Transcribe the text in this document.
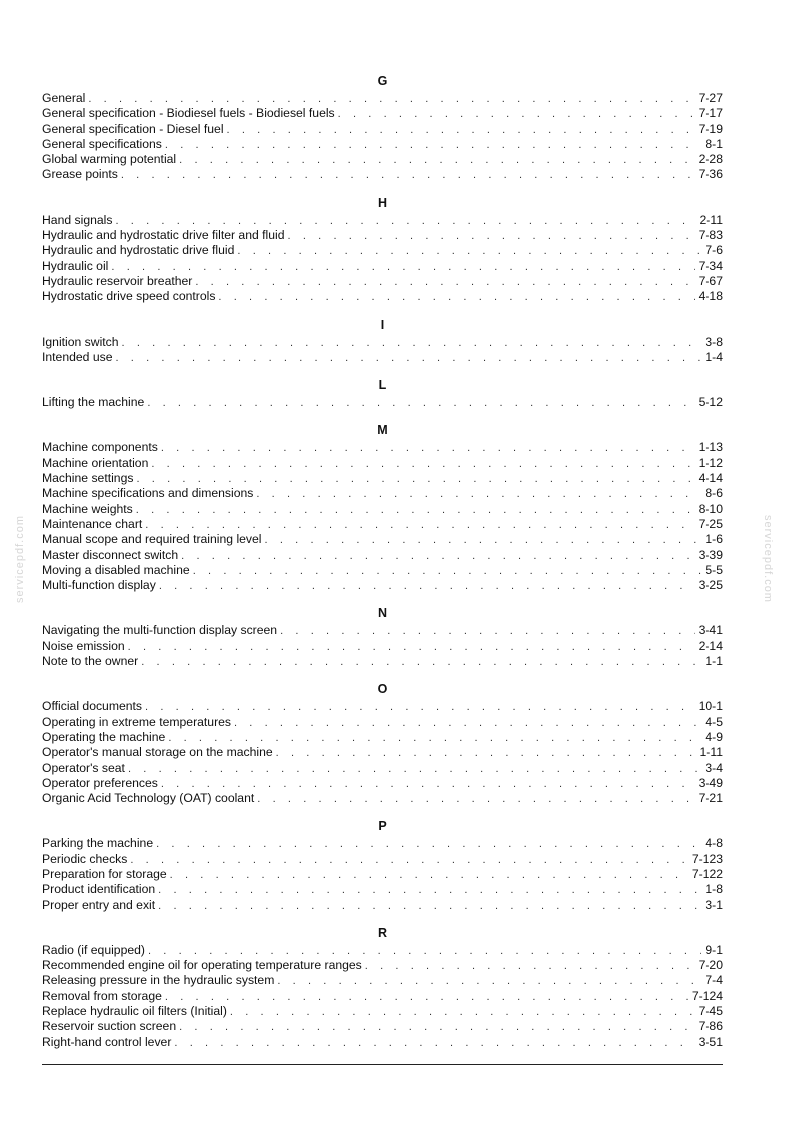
G
General . . .	7-27
General specification - Biodiesel fuels - Biodiesel fuels . . .	7-17
General specification - Diesel fuel . . .	7-19
General specifications . . .	8-1
Global warming potential . . .	2-28
Grease points . . .	7-36
H
Hand signals . . .	2-11
Hydraulic and hydrostatic drive filter and fluid . . .	7-83
Hydraulic and hydrostatic drive fluid . . .	7-6
Hydraulic oil . . .	7-34
Hydraulic reservoir breather . . .	7-67
Hydrostatic drive speed controls . . .	4-18
I
Ignition switch . . .	3-8
Intended use . . .	1-4
L
Lifting the machine . . .	5-12
M
Machine components . . .	1-13
Machine orientation . . .	1-12
Machine settings . . .	4-14
Machine specifications and dimensions . . .	8-6
Machine weights . . .	8-10
Maintenance chart . . .	7-25
Manual scope and required training level . . .	1-6
Master disconnect switch . . .	3-39
Moving a disabled machine . . .	5-5
Multi-function display . . .	3-25
N
Navigating the multi-function display screen . . .	3-41
Noise emission . . .	2-14
Note to the owner . . .	1-1
O
Official documents . . .	10-1
Operating in extreme temperatures . . .	4-5
Operating the machine . . .	4-9
Operator's manual storage on the machine . . .	1-11
Operator's seat . . .	3-4
Operator preferences . . .	3-49
Organic Acid Technology (OAT) coolant . . .	7-21
P
Parking the machine . . .	4-8
Periodic checks . . .	7-123
Preparation for storage . . .	7-122
Product identification . . .	1-8
Proper entry and exit . . .	3-1
R
Radio (if equipped) . . .	9-1
Recommended engine oil for operating temperature ranges . . .	7-20
Releasing pressure in the hydraulic system . . .	7-4
Removal from storage . . .	7-124
Replace hydraulic oil filters (Initial) . . .	7-45
Reservoir suction screen . . .	7-86
Right-hand control lever . . .	3-51
servicepdf.com	servicepdf.com
